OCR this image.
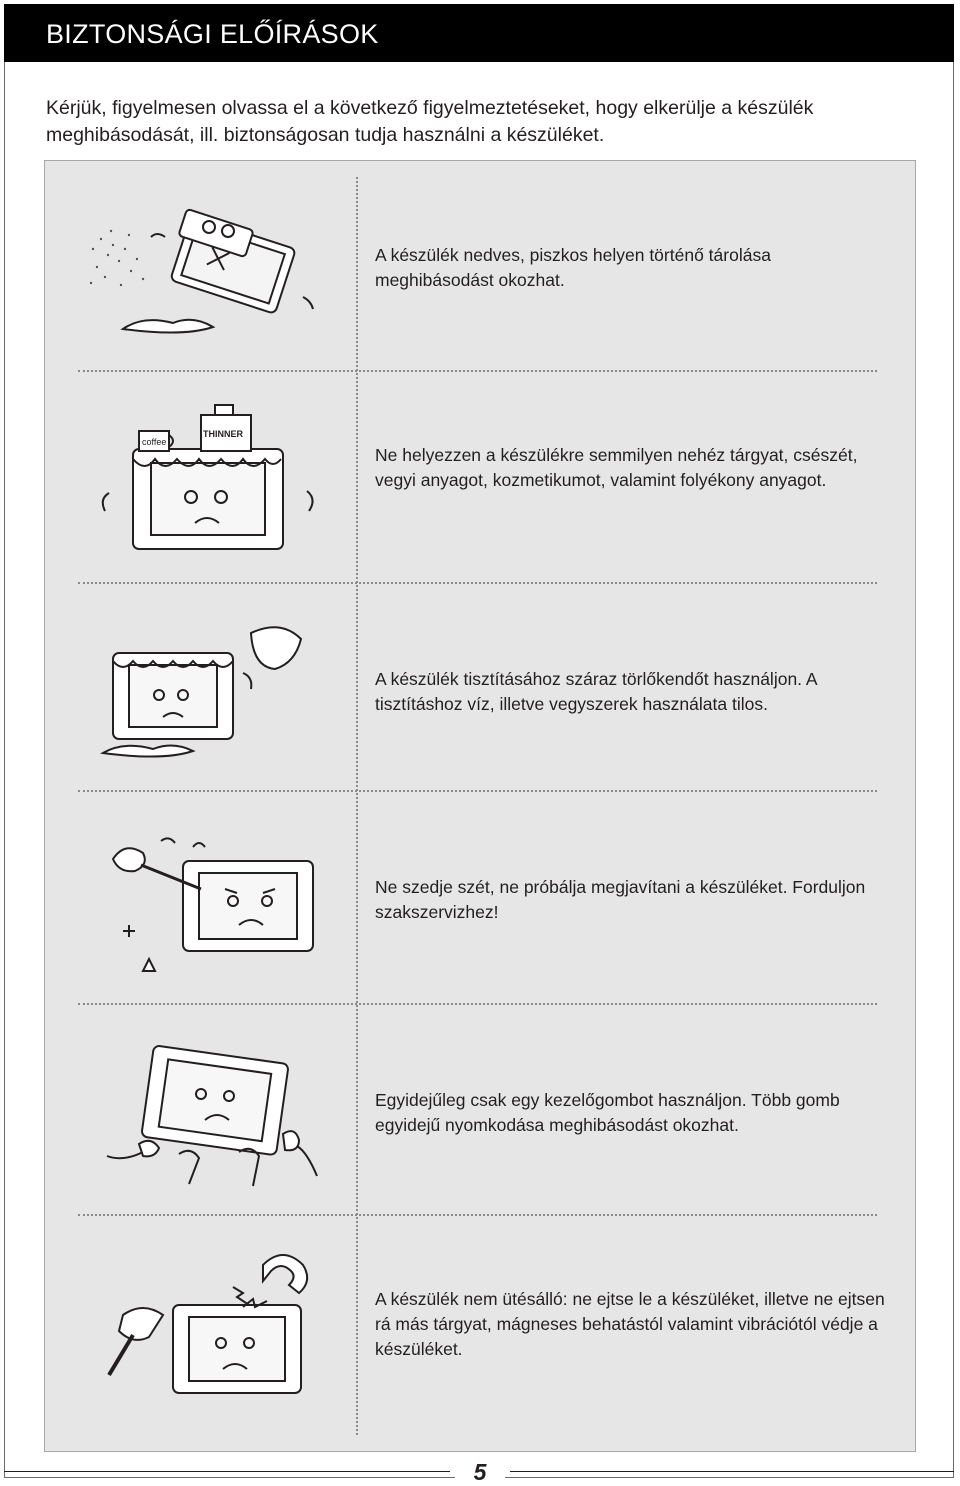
BIZTONSÁGI ELŐÍRÁSOK

Kérjük, figyelmesen olvassa el a következő figyelmeztetéseket, hogy elkerülje a készülék meghibásodását, ill. biztonságosan tudja használni a készüléket.

A készülék nedves, piszkos helyen történő tárolása meghibásodást okozhat.

coffee
THINNER

Ne helyezzen a készülékre semmilyen nehéz tárgyat, csészét, vegyi anyagot, kozmetikumot, valamint folyékony anyagot.

A készülék tisztításához száraz törlőkendőt használjon. A tisztításhoz víz, illetve vegyszerek használata tilos.

Ne szedje szét, ne próbálja megjavítani a készüléket. Forduljon szakszervizhez!

Egyidejűleg csak egy kezelőgombot használjon. Több gomb egyidejű nyomkodása meghibásodást okozhat.

A készülék nem ütésálló: ne ejtse le a készüléket, illetve ne ejtsen rá más tárgyat, mágneses behatástól valamint vibrációtól védje a készüléket.

5
